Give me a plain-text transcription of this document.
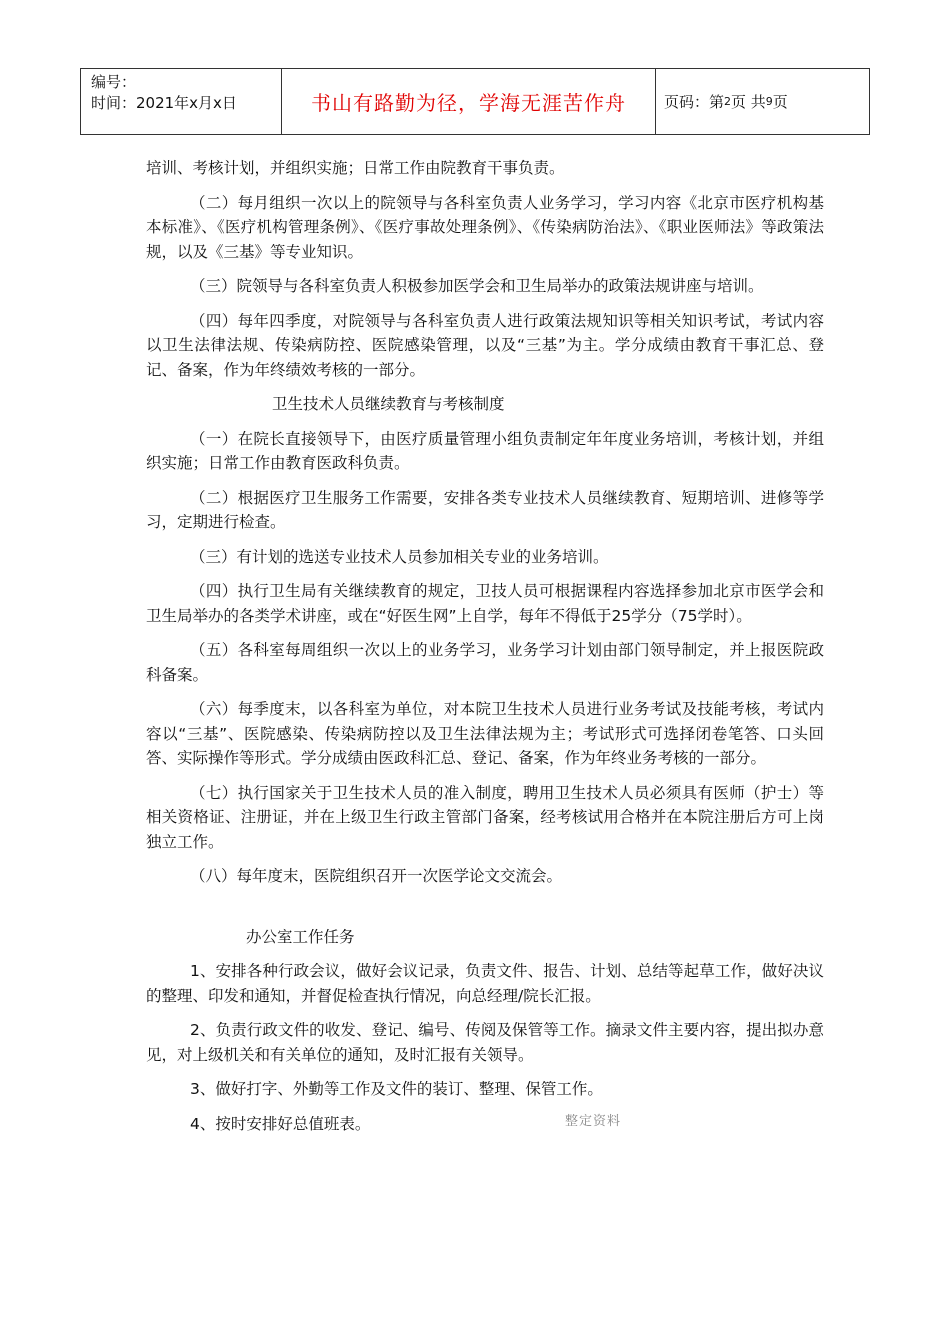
编号：
时间：2021年x月x日	书山有路勤为径，学海无涯苦作舟	页码：第 2 页 共 9 页

培训、考核计划，并组织实施；日常工作由院教育干事负责。

（二）每月组织一次以上的院领导与各科室负责人业务学习，学习内容《北京市医疗机构基本标准》、《医疗机构管理条例》、《医疗事故处理条例》、《传染病防治法》、《职业医师法》等政策法规，以及《三基》等专业知识。

（三）院领导与各科室负责人积极参加医学会和卫生局举办的政策法规讲座与培训。

（四）每年四季度，对院领导与各科室负责人进行政策法规知识等相关知识考试，考试内容以卫生法律法规、传染病防控、医院感染管理，以及“三基”为主。学分成绩由教育干事汇总、登记、备案，作为年终绩效考核的一部分。

卫生技术人员继续教育与考核制度

（一）在院长直接领导下，由医疗质量管理小组负责制定年年度业务培训，考核计划，并组织实施；日常工作由教育医政科负责。

（二）根据医疗卫生服务工作需要，安排各类专业技术人员继续教育、短期培训、进修等学习，定期进行检查。

（三）有计划的选送专业技术人员参加相关专业的业务培训。

（四）执行卫生局有关继续教育的规定，卫技人员可根据课程内容选择参加北京市医学会和卫生局举办的各类学术讲座，或在“好医生网”上自学，每年不得低于25学分（75学时）。

（五）各科室每周组织一次以上的业务学习，业务学习计划由部门领导制定，并上报医院政科备案。

（六）每季度末，以各科室为单位，对本院卫生技术人员进行业务考试及技能考核，考试内容以“三基”、医院感染、传染病防控以及卫生法律法规为主；考试形式可选择闭卷笔答、口头回答、实际操作等形式。学分成绩由医政科汇总、登记、备案，作为年终业务考核的一部分。

（七）执行国家关于卫生技术人员的准入制度，聘用卫生技术人员必须具有医师（护士）等相关资格证、注册证，并在上级卫生行政主管部门备案，经考核试用合格并在本院注册后方可上岗独立工作。

（八）每年度末，医院组织召开一次医学论文交流会。

办公室工作任务

1、安排各种行政会议，做好会议记录，负责文件、报告、计划、总结等起草工作，做好决议的整理、印发和通知，并督促检查执行情况，向总经理/院长汇报。

2、负责行政文件的收发、登记、编号、传阅及保管等工作。摘录文件主要内容，提出拟办意见，对上级机关和有关单位的通知，及时汇报有关领导。

3、做好打字、外勤等工作及文件的装订、整理、保管工作。

4、按时安排好总值班表。	整定资料
